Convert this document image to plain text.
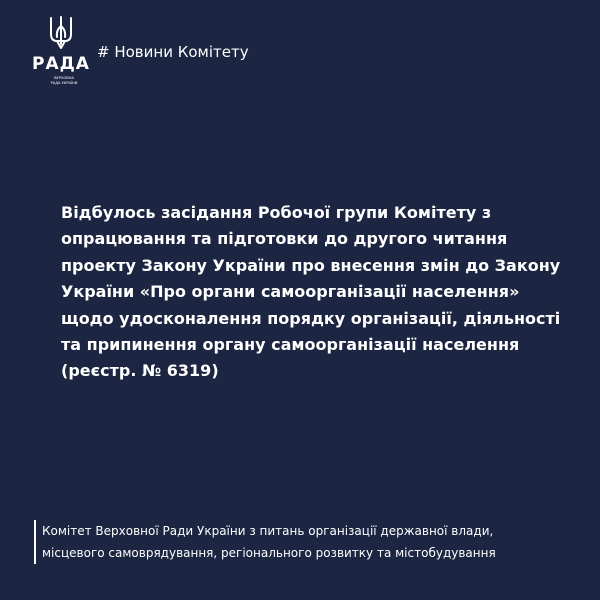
РАДА
ВЕРХОВНА РАДА УКРАЇНИ
# Новини Комітету

Відбулось засідання Робочої групи Комітету з опрацювання та підготовки до другого читання проекту Закону України про внесення змін до Закону України «Про органи самоорганізації населення» щодо удосконалення порядку організації, діяльності та припинення органу самоорганізації населення (реєстр. № 6319)

Комітет Верховної Ради України з питань організації державної влади,
місцевого самоврядування, регіонального розвитку та містобудування
